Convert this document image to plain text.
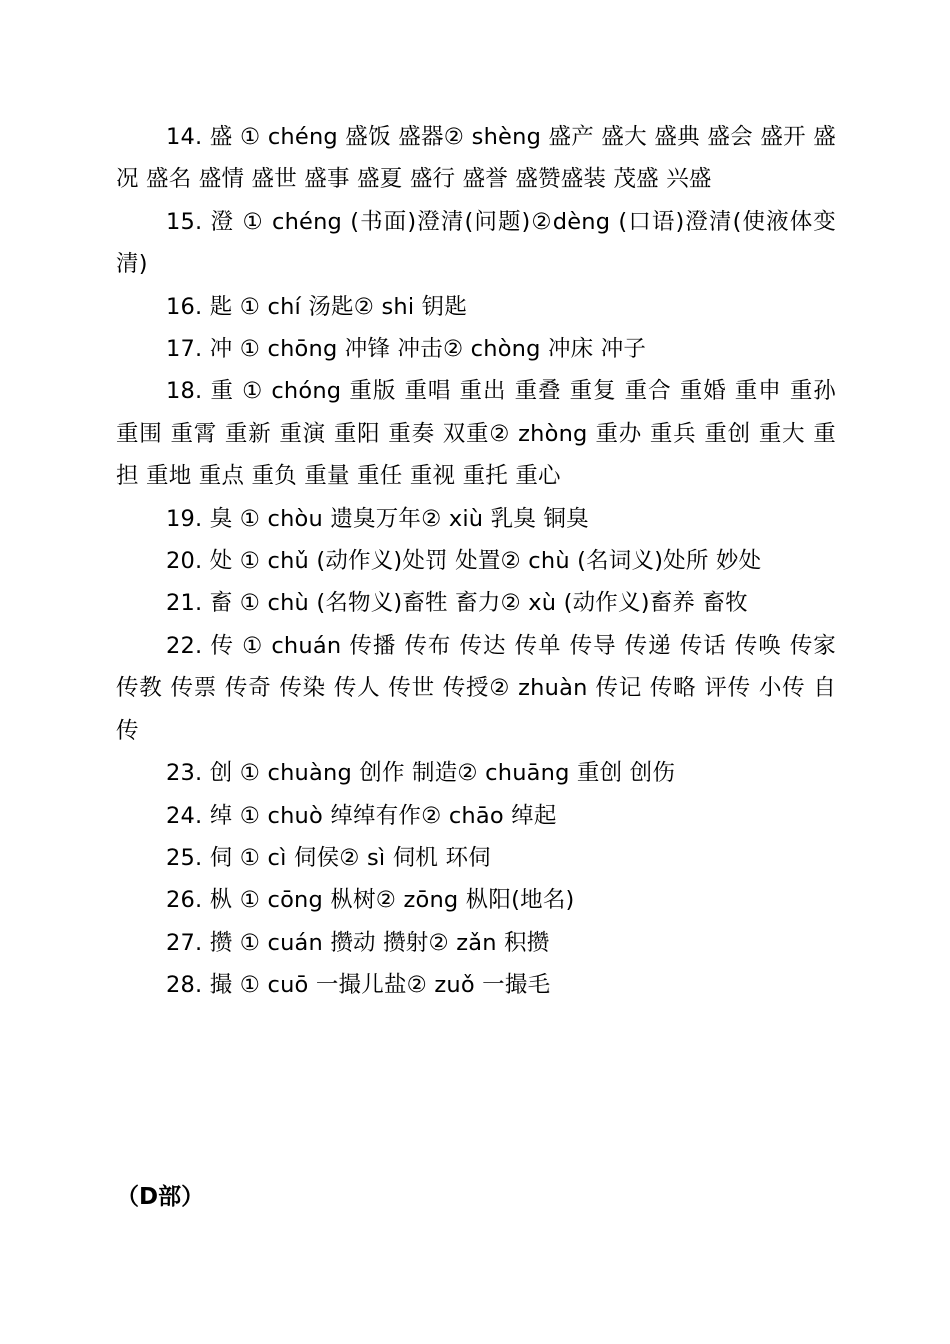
14. 盛 ① chéng 盛饭 盛器② shèng 盛产 盛大 盛典 盛会 盛开 盛况 盛名 盛情 盛世 盛事 盛夏 盛行 盛誉 盛赞盛装 茂盛 兴盛

15. 澄 ① chéng (书面)澄清(问题)②dèng (口语)澄清(使液体变清)

16. 匙 ① chí 汤匙② shi 钥匙

17. 冲 ① chōng 冲锋 冲击② chòng 冲床 冲子

18. 重 ① chóng 重版 重唱 重出 重叠 重复 重合 重婚 重申 重孙 重围 重霄 重新 重演 重阳 重奏 双重② zhòng 重办 重兵 重创 重大 重担 重地 重点 重负 重量 重任 重视 重托 重心

19. 臭 ① chòu 遗臭万年② xiù 乳臭 铜臭

20. 处 ① chǔ (动作义)处罚 处置② chù (名词义)处所 妙处

21. 畜 ① chù (名物义)畜牲 畜力② xù (动作义)畜养 畜牧

22. 传 ① chuán 传播 传布 传达 传单 传导 传递 传话 传唤 传家 传教 传票 传奇 传染 传人 传世 传授② zhuàn 传记 传略 评传 小传 自传

23. 创 ① chuàng 创作 制造② chuāng 重创 创伤

24. 绰 ① chuò 绰绰有作② chāo 绰起

25. 伺 ① cì 伺侯② sì 伺机 环伺

26. 枞 ① cōng 枞树② zōng 枞阳(地名)

27. 攒 ① cuán 攒动 攒射② zǎn 积攒

28. 撮 ① cuō 一撮儿盐② zuǒ 一撮毛

（D部）
